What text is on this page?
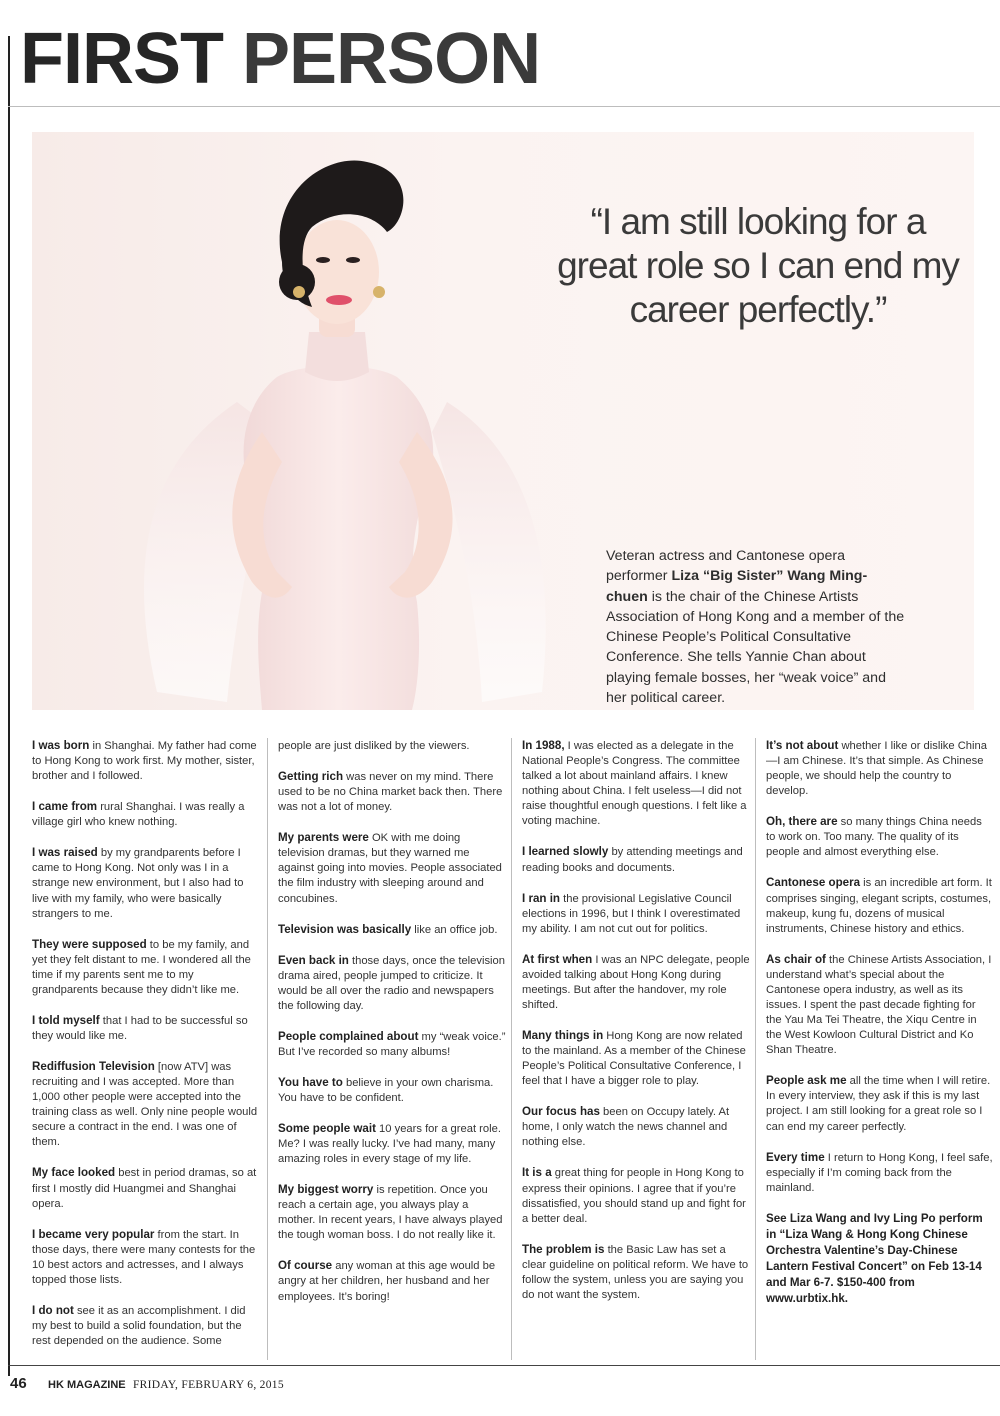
FIRST PERSON
“I am still looking for a great role so I can end my career perfectly.”
Veteran actress and Cantonese opera performer Liza “Big Sister” Wang Ming-chuen is the chair of the Chinese Artists Association of Hong Kong and a member of the Chinese People’s Political Consultative Conference. She tells Yannie Chan about playing female bosses, her “weak voice” and her political career.

I was born in Shanghai. My father had come to Hong Kong to work first. My mother, sister, brother and I followed.

I came from rural Shanghai. I was really a village girl who knew nothing.

I was raised by my grandparents before I came to Hong Kong. Not only was I in a strange new environment, but I also had to live with my family, who were basically strangers to me.

They were supposed to be my family, and yet they felt distant to me. I wondered all the time if my parents sent me to my grandparents because they didn’t like me.

I told myself that I had to be successful so they would like me.

Rediffusion Television [now ATV] was recruiting and I was accepted. More than 1,000 other people were accepted into the training class as well. Only nine people would secure a contract in the end. I was one of them.

My face looked best in period dramas, so at first I mostly did Huangmei and Shanghai opera.

I became very popular from the start. In those days, there were many contests for the 10 best actors and actresses, and I always topped those lists.

I do not see it as an accomplishment. I did my best to build a solid foundation, but the rest depended on the audience. Some

people are just disliked by the viewers.

Getting rich was never on my mind. There used to be no China market back then. There was not a lot of money.

My parents were OK with me doing television dramas, but they warned me against going into movies. People associated the film industry with sleeping around and concubines.

Television was basically like an office job.

Even back in those days, once the television drama aired, people jumped to criticize. It would be all over the radio and newspapers the following day.

People complained about my “weak voice.” But I’ve recorded so many albums!

You have to believe in your own charisma. You have to be confident.

Some people wait 10 years for a great role. Me? I was really lucky. I’ve had many, many amazing roles in every stage of my life.

My biggest worry is repetition. Once you reach a certain age, you always play a mother. In recent years, I have always played the tough woman boss. I do not really like it.

Of course any woman at this age would be angry at her children, her husband and her employees. It’s boring!

In 1988, I was elected as a delegate in the National People’s Congress. The committee talked a lot about mainland affairs. I knew nothing about China. I felt useless—I did not raise thoughtful enough questions. I felt like a voting machine.

I learned slowly by attending meetings and reading books and documents.

I ran in the provisional Legislative Council elections in 1996, but I think I overestimated my ability. I am not cut out for politics.

At first when I was an NPC delegate, people avoided talking about Hong Kong during meetings. But after the handover, my role shifted.

Many things in Hong Kong are now related to the mainland. As a member of the Chinese People’s Political Consultative Conference, I feel that I have a bigger role to play.

Our focus has been on Occupy lately. At home, I only watch the news channel and nothing else.

It is a great thing for people in Hong Kong to express their opinions. I agree that if you’re dissatisfied, you should stand up and fight for a better deal.

The problem is the Basic Law has set a clear guideline on political reform. We have to follow the system, unless you are saying you do not want the system.

It’s not about whether I like or dislike China—I am Chinese. It’s that simple. As Chinese people, we should help the country to develop.

Oh, there are so many things China needs to work on. Too many. The quality of its people and almost everything else.

Cantonese opera is an incredible art form. It comprises singing, elegant scripts, costumes, makeup, kung fu, dozens of musical instruments, Chinese history and ethics.

As chair of the Chinese Artists Association, I understand what’s special about the Cantonese opera industry, as well as its issues. I spent the past decade fighting for the Yau Ma Tei Theatre, the Xiqu Centre in the West Kowloon Cultural District and Ko Shan Theatre.

People ask me all the time when I will retire. In every interview, they ask if this is my last project. I am still looking for a great role so I can end my career perfectly.

Every time I return to Hong Kong, I feel safe, especially if I’m coming back from the mainland.

See Liza Wang and Ivy Ling Po perform in “Liza Wang & Hong Kong Chinese Orchestra Valentine’s Day-Chinese Lantern Festival Concert” on Feb 13-14 and Mar 6-7. $150-400 from www.urbtix.hk.

46 HK MAGAZINE FRIDAY, FEBRUARY 6, 2015
